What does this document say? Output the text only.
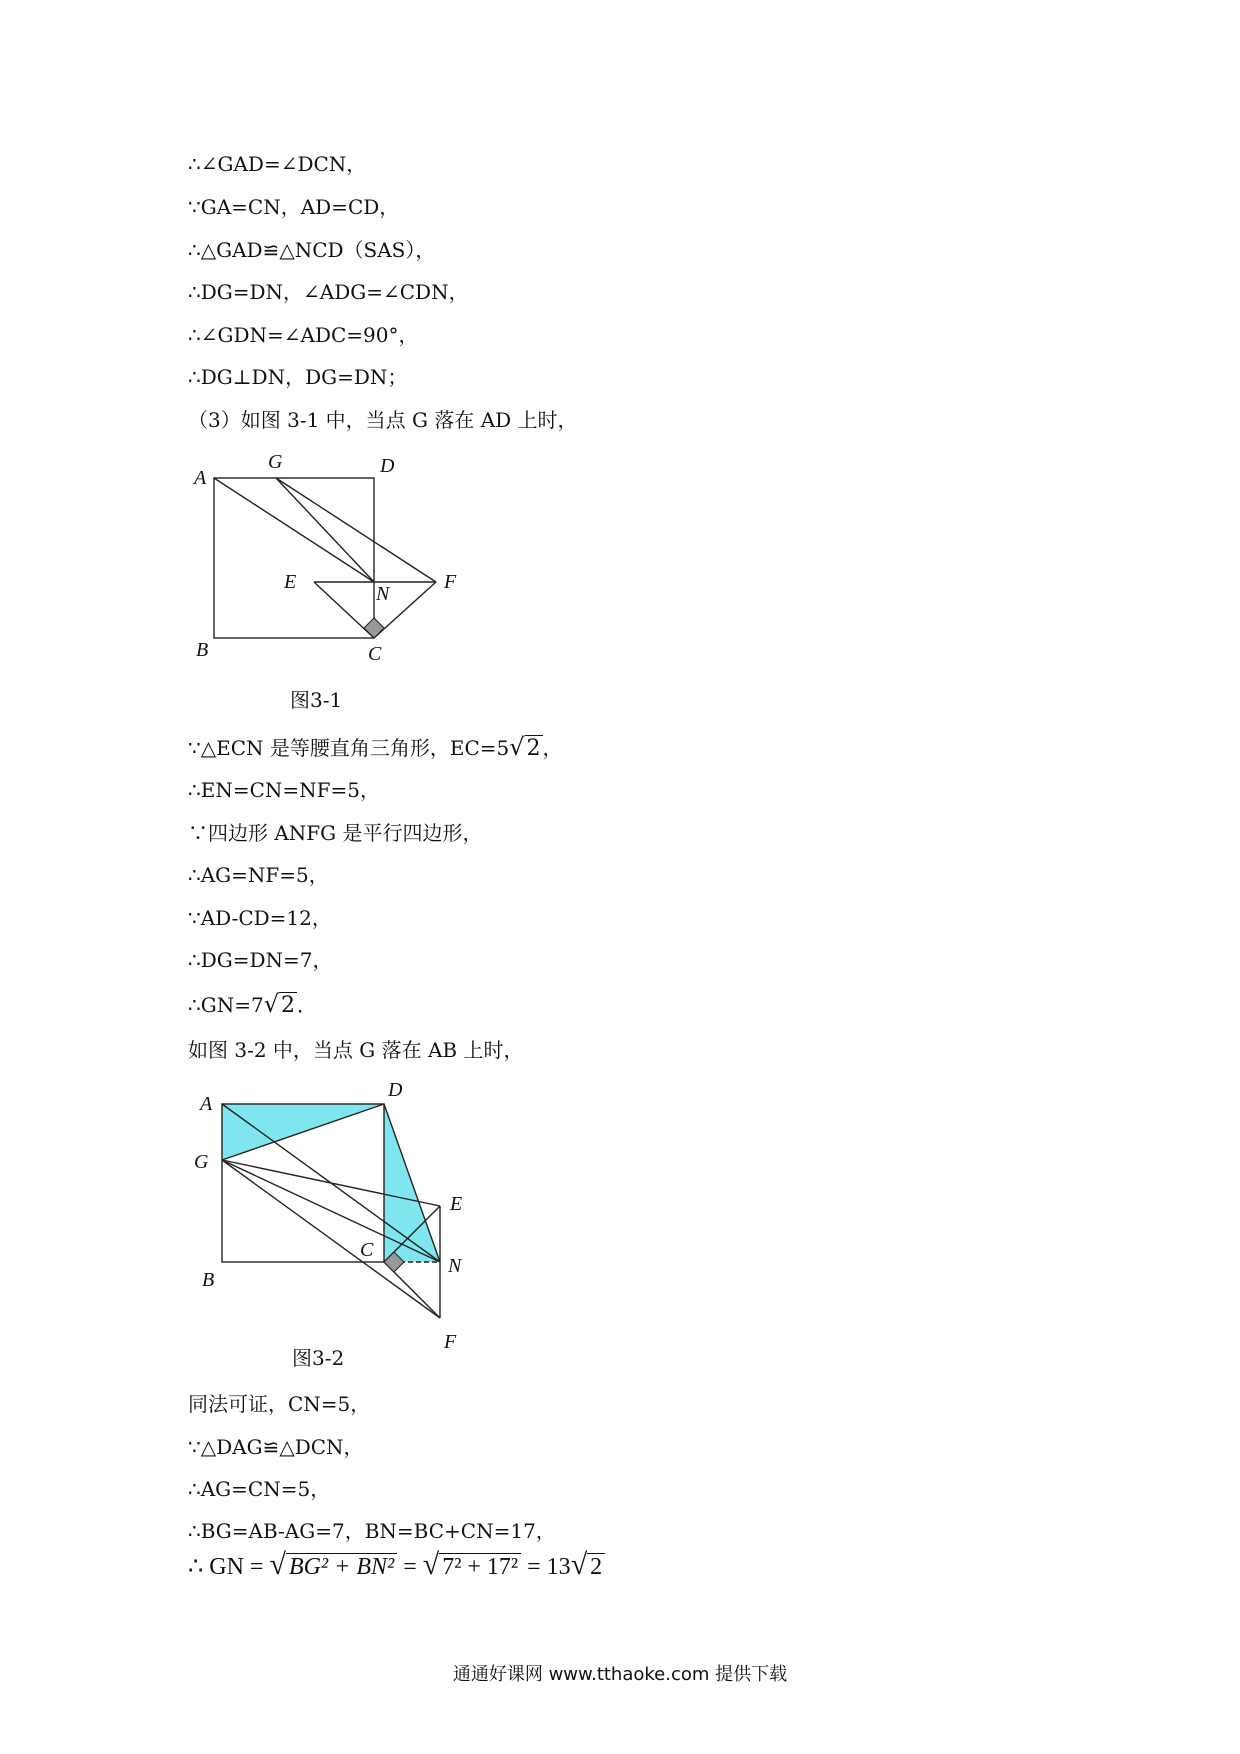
∴∠GAD=∠DCN，
∵GA=CN，AD=CD，
∴△GAD≌△NCD（SAS），
∴DG=DN，∠ADG=∠CDN，
∴∠GDN=∠ADC=90°，
∴DG⊥DN，DG=DN；
（3）如图 3-1 中，当点 G 落在 AD 上时，
A
G	D
E
N
F
B	C
图3-1
∵△ECN 是等腰直角三角形，EC=5√2 ，
∴EN=CN=NF=5，
∵四边形 ANFG 是平行四边形，
∴AG=NF=5，
∵AD-CD=12，
∴DG=DN=7，
∴GN=7√2 ．
如图 3-2 中，当点 G 落在 AB 上时，
A
D
G
E
C
N
B
F
图3-2
同法可证，CN=5，
∵△DAG≌△DCN，
∴AG=CN=5，
∴BG=AB-AG=7，BN=BC+CN=17，
∴ GN = √ BG² + BN² = √ 7² + 17² = 13√ 2
通通好课网 www.tthaoke.com 提供下载
